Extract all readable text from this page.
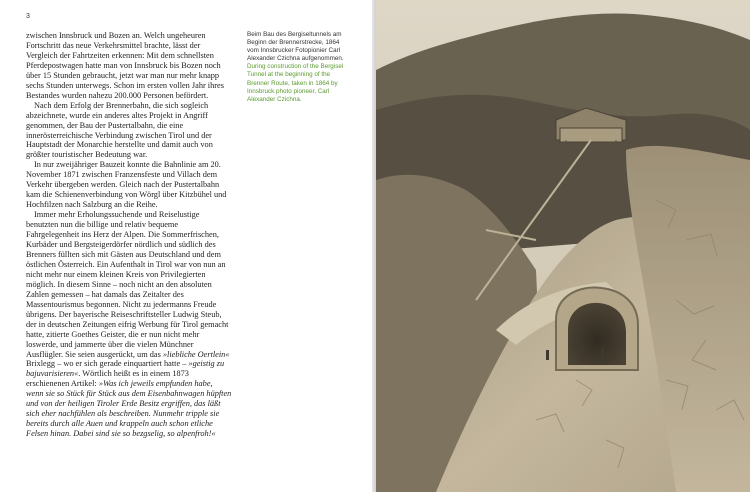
3

zwischen Innsbruck und Bozen an. Welch ungeheuren Fortschritt das neue Verkehrsmittel brachte, lässt der Vergleich der Fahrtzeiten erkennen: Mit dem schnellsten Pferdepostwagen hatte man von Innsbruck bis Bozen noch über 15 Stunden gebraucht, jetzt war man nur mehr knapp sechs Stunden unterwegs. Schon im ersten vollen Jahr ihres Bestandes wurden nahezu 200.000 Personen befördert.

Nach dem Erfolg der Brennerbahn, die sich sogleich abzeichnete, wurde ein anderes altes Projekt in Angriff genommen, der Bau der Pustertalbahn, die eine innerösterreichische Verbindung zwischen Tirol und der Hauptstadt der Monarchie herstellte und damit auch von größter touristischer Bedeutung war.

In nur zweijähriger Bauzeit konnte die Bahnlinie am 20. November 1871 zwischen Franzensfeste und Villach dem Verkehr übergeben werden. Gleich nach der Pustertalbahn kam die Schienenverbindung von Wörgl über Kitzbühel und Hochfilzen nach Salzburg an die Reihe.

Immer mehr Erholungssuchende und Reiselustige benutzten nun die billige und relativ bequeme Fahrgelegenheit ins Herz der Alpen. Die Sommerfrischen, Kurbäder und Bergsteigerdörfer nördlich und südlich des Brenners füllten sich mit Gästen aus Deutschland und dem östlichen Österreich. Ein Aufenthalt in Tirol war von nun an nicht mehr nur einem kleinen Kreis von Privilegierten möglich. In diesem Sinne – noch nicht an den absoluten Zahlen gemessen – hat damals das Zeitalter des Massentourismus begonnen. Nicht zu jedermanns Freude übrigens. Der bayerische Reiseschriftsteller Ludwig Steub, der in deutschen Zeitungen eifrig Werbung für Tirol gemacht hatte, zitierte Goethes Geister, die er nun nicht mehr loswerde, und jammerte über die vielen Münchner Ausflügler. Sie seien ausgerückt, um das »liebliche Oertlein« Brixlegg – wo er sich gerade einquartiert hatte – »geistig zu bajuvarisieren«. Wörtlich heißt es in einem 1873 erschienenen Artikel: »Was ich jeweils empfunden habe, wenn sie so Stück für Stück aus dem Eisenbahnwagen hüpften und von der heiligen Tiroler Erde Besitz ergriffen, das läßt sich eher nachfühlen als beschreiben. Nunmehr tripple sie bereits durch alle Auen und krappeln auch schon etliche Felsen hinan. Dabei sind sie so bezgselig, so alpenfroh!«

Beim Bau des Bergiseltunnels am Beginn der Brennerstrecke, 1864 vom Innsbrucker Fotopionier Carl Alexander Czichna aufgenommen.

During construction of the Bergisel Tunnel at the beginning of the Brenner Route, taken in 1864 by Innsbruck photo pioneer, Carl Alexander Czichna.
